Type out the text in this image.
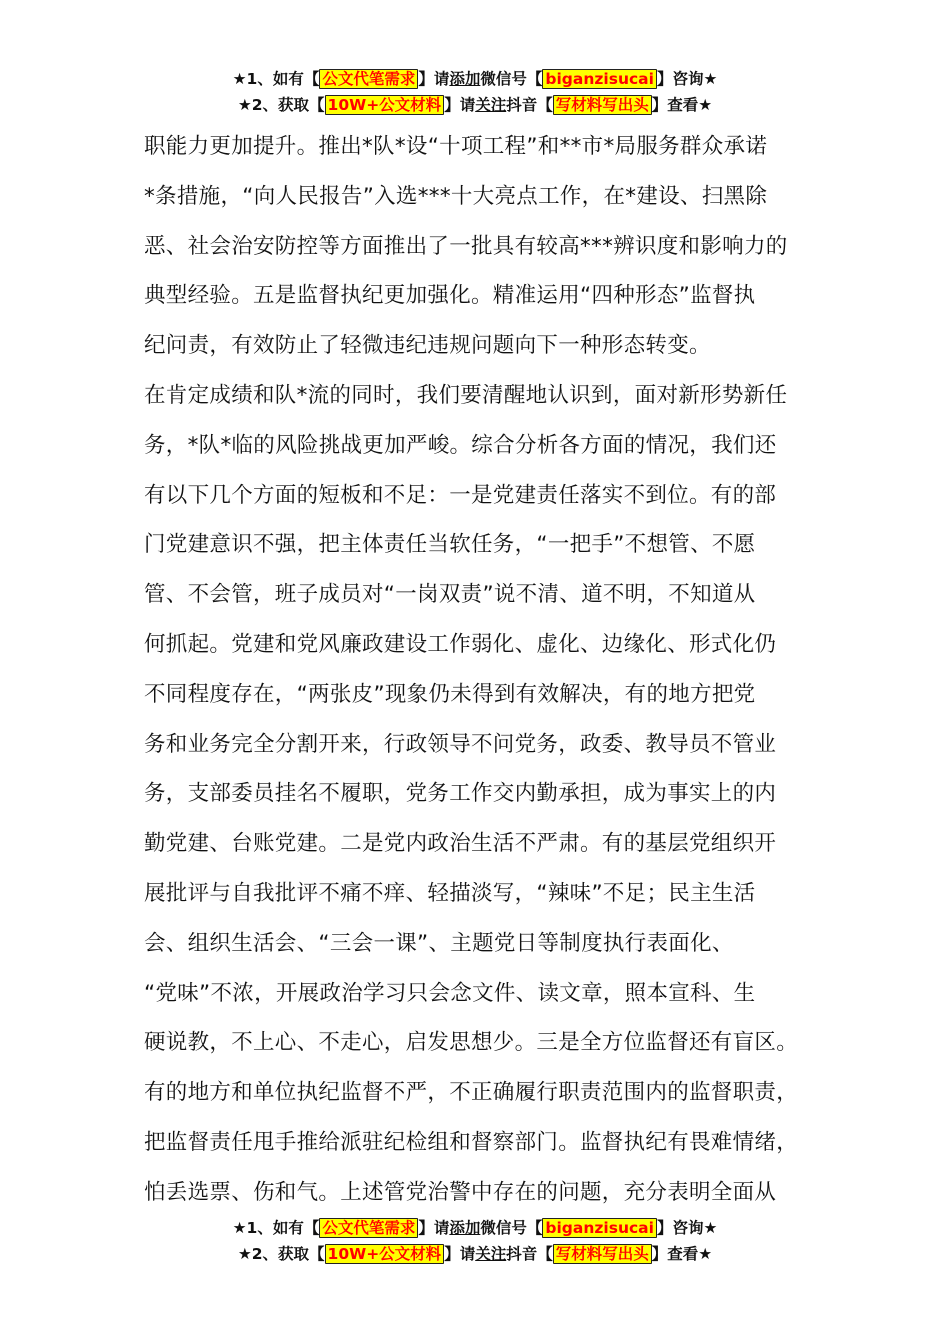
★1、如有【 公文代笔需求 】请添加微信号【 biganzisucai 】咨询★
★2、获取【 10W+公文材料 】请关注抖音【 写材料写出头 】查看★
职能力更加提升。推出*队*设“十项工程”和**市*局服务群众承诺
*条措施，“向人民报告”入选***十大亮点工作，在*建设、扫黑除
恶、社会治安防控等方面推出了一批具有较高***辨识度和影响力的
典型经验。五是监督执纪更加强化。精准运用“四种形态”监督执
纪问责，有效防止了轻微违纪违规问题向下一种形态转变。
在肯定成绩和队*流的同时，我们要清醒地认识到，面对新形势新任
务，*队*临的风险挑战更加严峻。综合分析各方面的情况，我们还
有以下几个方面的短板和不足：一是党建责任落实不到位。有的部
门党建意识不强，把主体责任当软任务，“一把手”不想管、不愿
管、不会管，班子成员对“一岗双责”说不清、道不明，不知道从
何抓起。党建和党风廉政建设工作弱化、虚化、边缘化、形式化仍
不同程度存在，“两张皮”现象仍未得到有效解决，有的地方把党
务和业务完全分割开来，行政领导不问党务，政委、教导员不管业
务，支部委员挂名不履职，党务工作交内勤承担，成为事实上的内
勤党建、台账党建。二是党内政治生活不严肃。有的基层党组织开
展批评与自我批评不痛不痒、轻描淡写，“辣味”不足；民主生活
会、组织生活会、“三会一课”、主题党日等制度执行表面化、
“党味”不浓，开展政治学习只会念文件、读文章，照本宣科、生
硬说教，不上心、不走心，启发思想少。三是全方位监督还有盲区。
有的地方和单位执纪监督不严，不正确履行职责范围内的监督职责，
把监督责任甩手推给派驻纪检组和督察部门。监督执纪有畏难情绪，
怕丢选票、伤和气。上述管党治警中存在的问题，充分表明全面从
★1、如有【 公文代笔需求 】请添加微信号【 biganzisucai 】咨询★
★2、获取【 10W+公文材料 】请关注抖音【 写材料写出头 】查看★
